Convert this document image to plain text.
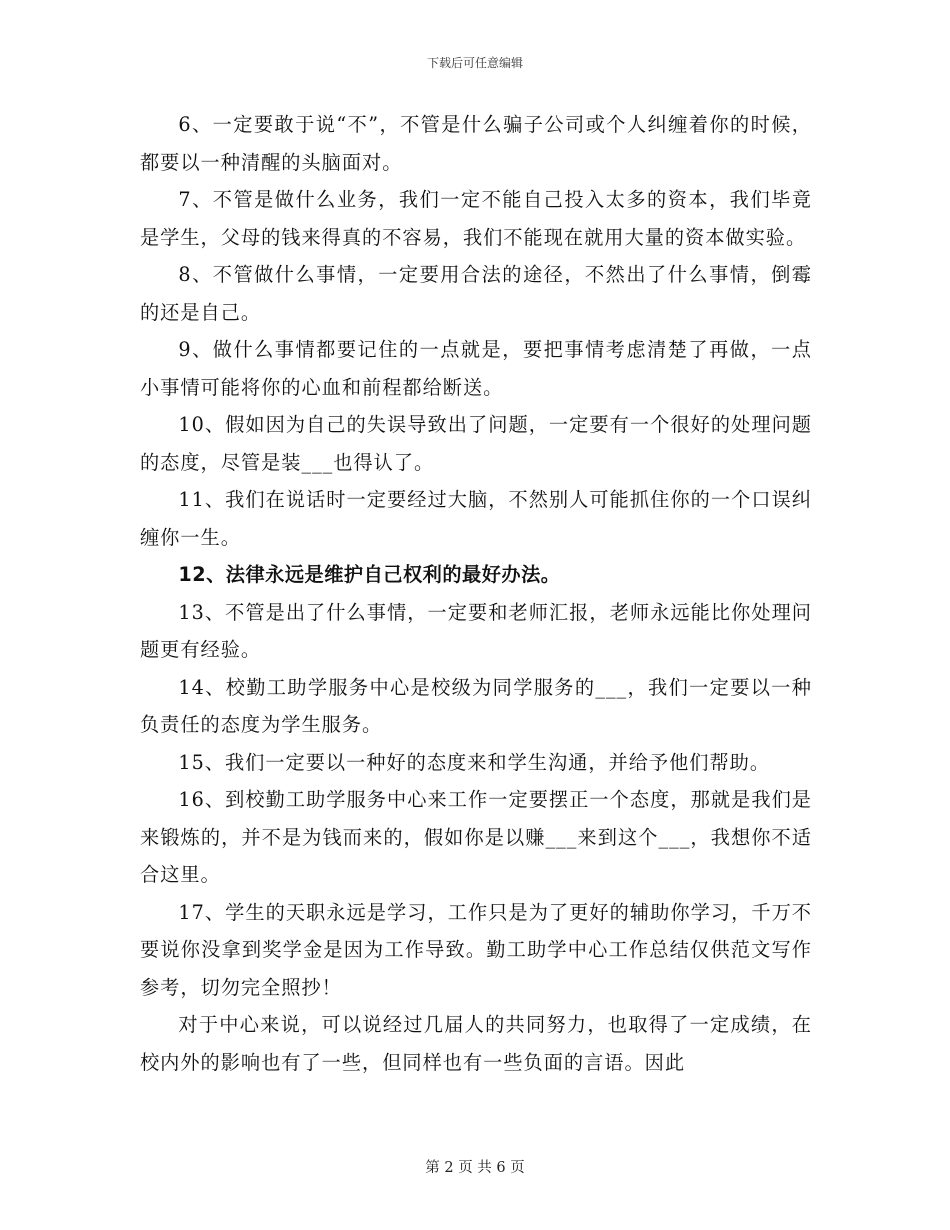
下载后可任意编辑

6、一定要敢于说“不”，不管是什么骗子公司或个人纠缠着你的时候，都要以一种清醒的头脑面对。

7、不管是做什么业务，我们一定不能自己投入太多的资本，我们毕竟是学生，父母的钱来得真的不容易，我们不能现在就用大量的资本做实验。

8、不管做什么事情，一定要用合法的途径，不然出了什么事情，倒霉的还是自己。

9、做什么事情都要记住的一点就是，要把事情考虑清楚了再做，一点小事情可能将你的心血和前程都给断送。

10、假如因为自己的失误导致出了问题，一定要有一个很好的处理问题的态度，尽管是装___也得认了。

11、我们在说话时一定要经过大脑，不然别人可能抓住你的一个口误纠缠你一生。

12、法律永远是维护自己权利的最好办法。

13、不管是出了什么事情，一定要和老师汇报，老师永远能比你处理问题更有经验。

14、校勤工助学服务中心是校级为同学服务的___，我们一定要以一种负责任的态度为学生服务。

15、我们一定要以一种好的态度来和学生沟通，并给予他们帮助。

16、到校勤工助学服务中心来工作一定要摆正一个态度，那就是我们是来锻炼的，并不是为钱而来的，假如你是以赚___来到这个___，我想你不适合这里。

17、学生的天职永远是学习，工作只是为了更好的辅助你学习，千万不要说你没拿到奖学金是因为工作导致。勤工助学中心工作总结仅供范文写作参考，切勿完全照抄！

对于中心来说，可以说经过几届人的共同努力，也取得了一定成绩，在校内外的影响也有了一些，但同样也有一些负面的言语。因此

第 2 页 共 6 页
